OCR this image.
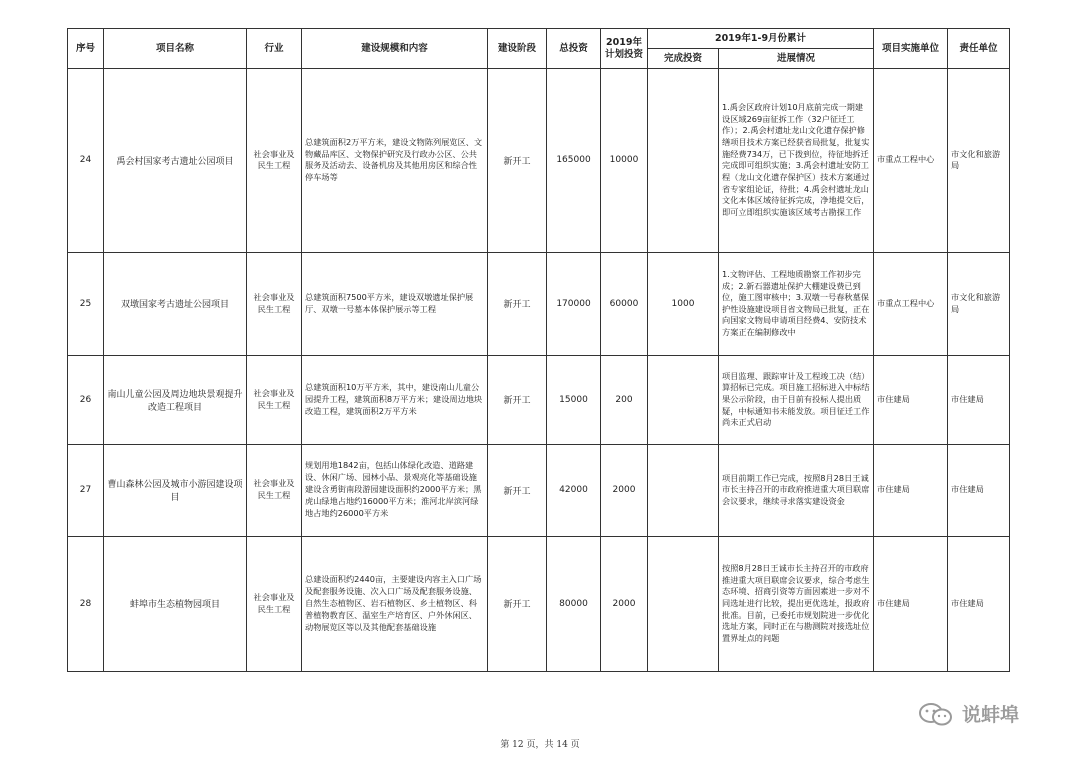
序号	项目名称	行业	建设规模和内容	建设阶段	总投资	2019年计划投资	2019年1-9月份累计		项目实施单位	责任单位
							完成投资	进展情况		
24	禹会村国家考古遗址公园项目	社会事业及民生工程	总建筑面积2万平方米，建设文物陈列展览区、文物藏品库区、文物保护研究及行政办公区、公共服务及活动去、设备机房及其他用房区和综合性停车场等	新开工	165000	10000		1.禹会区政府计划10月底前完成一期建设区域269亩征拆工作（32户征迁工作）；2.禹会村遗址龙山文化遗存保护修缮项目技术方案已经获省局批复，批复实施经费734万，已下拨到位，待征地拆迁完成即可组织实施；3.禹会村遗址安防工程（龙山文化遗存保护区）技术方案通过省专家组论证，待批；4.禹会村遗址龙山文化本体区域待征拆完成，净地提交后，即可立即组织实施该区域考古勘探工作	市重点工程中心	市文化和旅游局
25	双墩国家考古遗址公园项目	社会事业及民生工程	总建筑面积7500平方米，建设双墩遗址保护展厅、双墩一号墓本体保护展示等工程	新开工	170000	60000	1000	1.文物评估、工程地质勘察工作初步完成；2.新石器遗址保护大棚建设费已到位，施工图审核中；3.双墩一号春秋墓保护性设施建设项目省文物局已批复，正在向国家文物局申请项目经费4、安防技术方案正在编制修改中	市重点工程中心	市文化和旅游局
26	南山儿童公园及周边地块景观提升改造工程项目	社会事业及民生工程	总建筑面积10万平方米，其中，建设南山儿童公园提升工程，建筑面积8万平方米；建设周边地块改造工程，建筑面积2万平方米	新开工	15000	200		项目监理、跟踪审计及工程竣工决（结）算招标已完成。项目施工招标进入中标结果公示阶段，由于目前有投标人提出质疑，中标通知书未能发放。项目征迁工作尚未正式启动	市住建局	市住建局
27	曹山森林公园及城市小游园建设项目	社会事业及民生工程	规划用地1842亩，包括山体绿化改造、道路建设、休闲广场、园林小品、景观亮化等基础设施建设含勇街南段游园建设面积约2000平方米；黑虎山绿地占地约16000平方米；淮河北岸滨河绿地占地约26000平方米	新开工	42000	2000		项目前期工作已完成，按照8月28日王诚市长主持召开的市政府推进重大项目联席会议要求，继续寻求落实建设资金	市住建局	市住建局
28	蚌埠市生态植物园项目	社会事业及民生工程	总建设面积约2440亩，主要建设内容主入口广场及配套服务设施、次入口广场及配套服务设施、自然生态植物区、岩石植物区、乡土植物区、科普植物教育区、温室生产培育区、户外休闲区、动物展览区等以及其他配套基础设施	新开工	80000	2000		按照8月28日王诚市长主持召开的市政府推进重大项目联席会议要求，综合考虑生态环境、招商引资等方面因素进一步对不同选址进行比较，提出更优选址，报政府批准。目前，已委托市规划院进一步优化选址方案，同时正在与勘测院对接选址位置界址点的问题	市住建局	市住建局
说蚌埠
第 12 页，共 14 页
